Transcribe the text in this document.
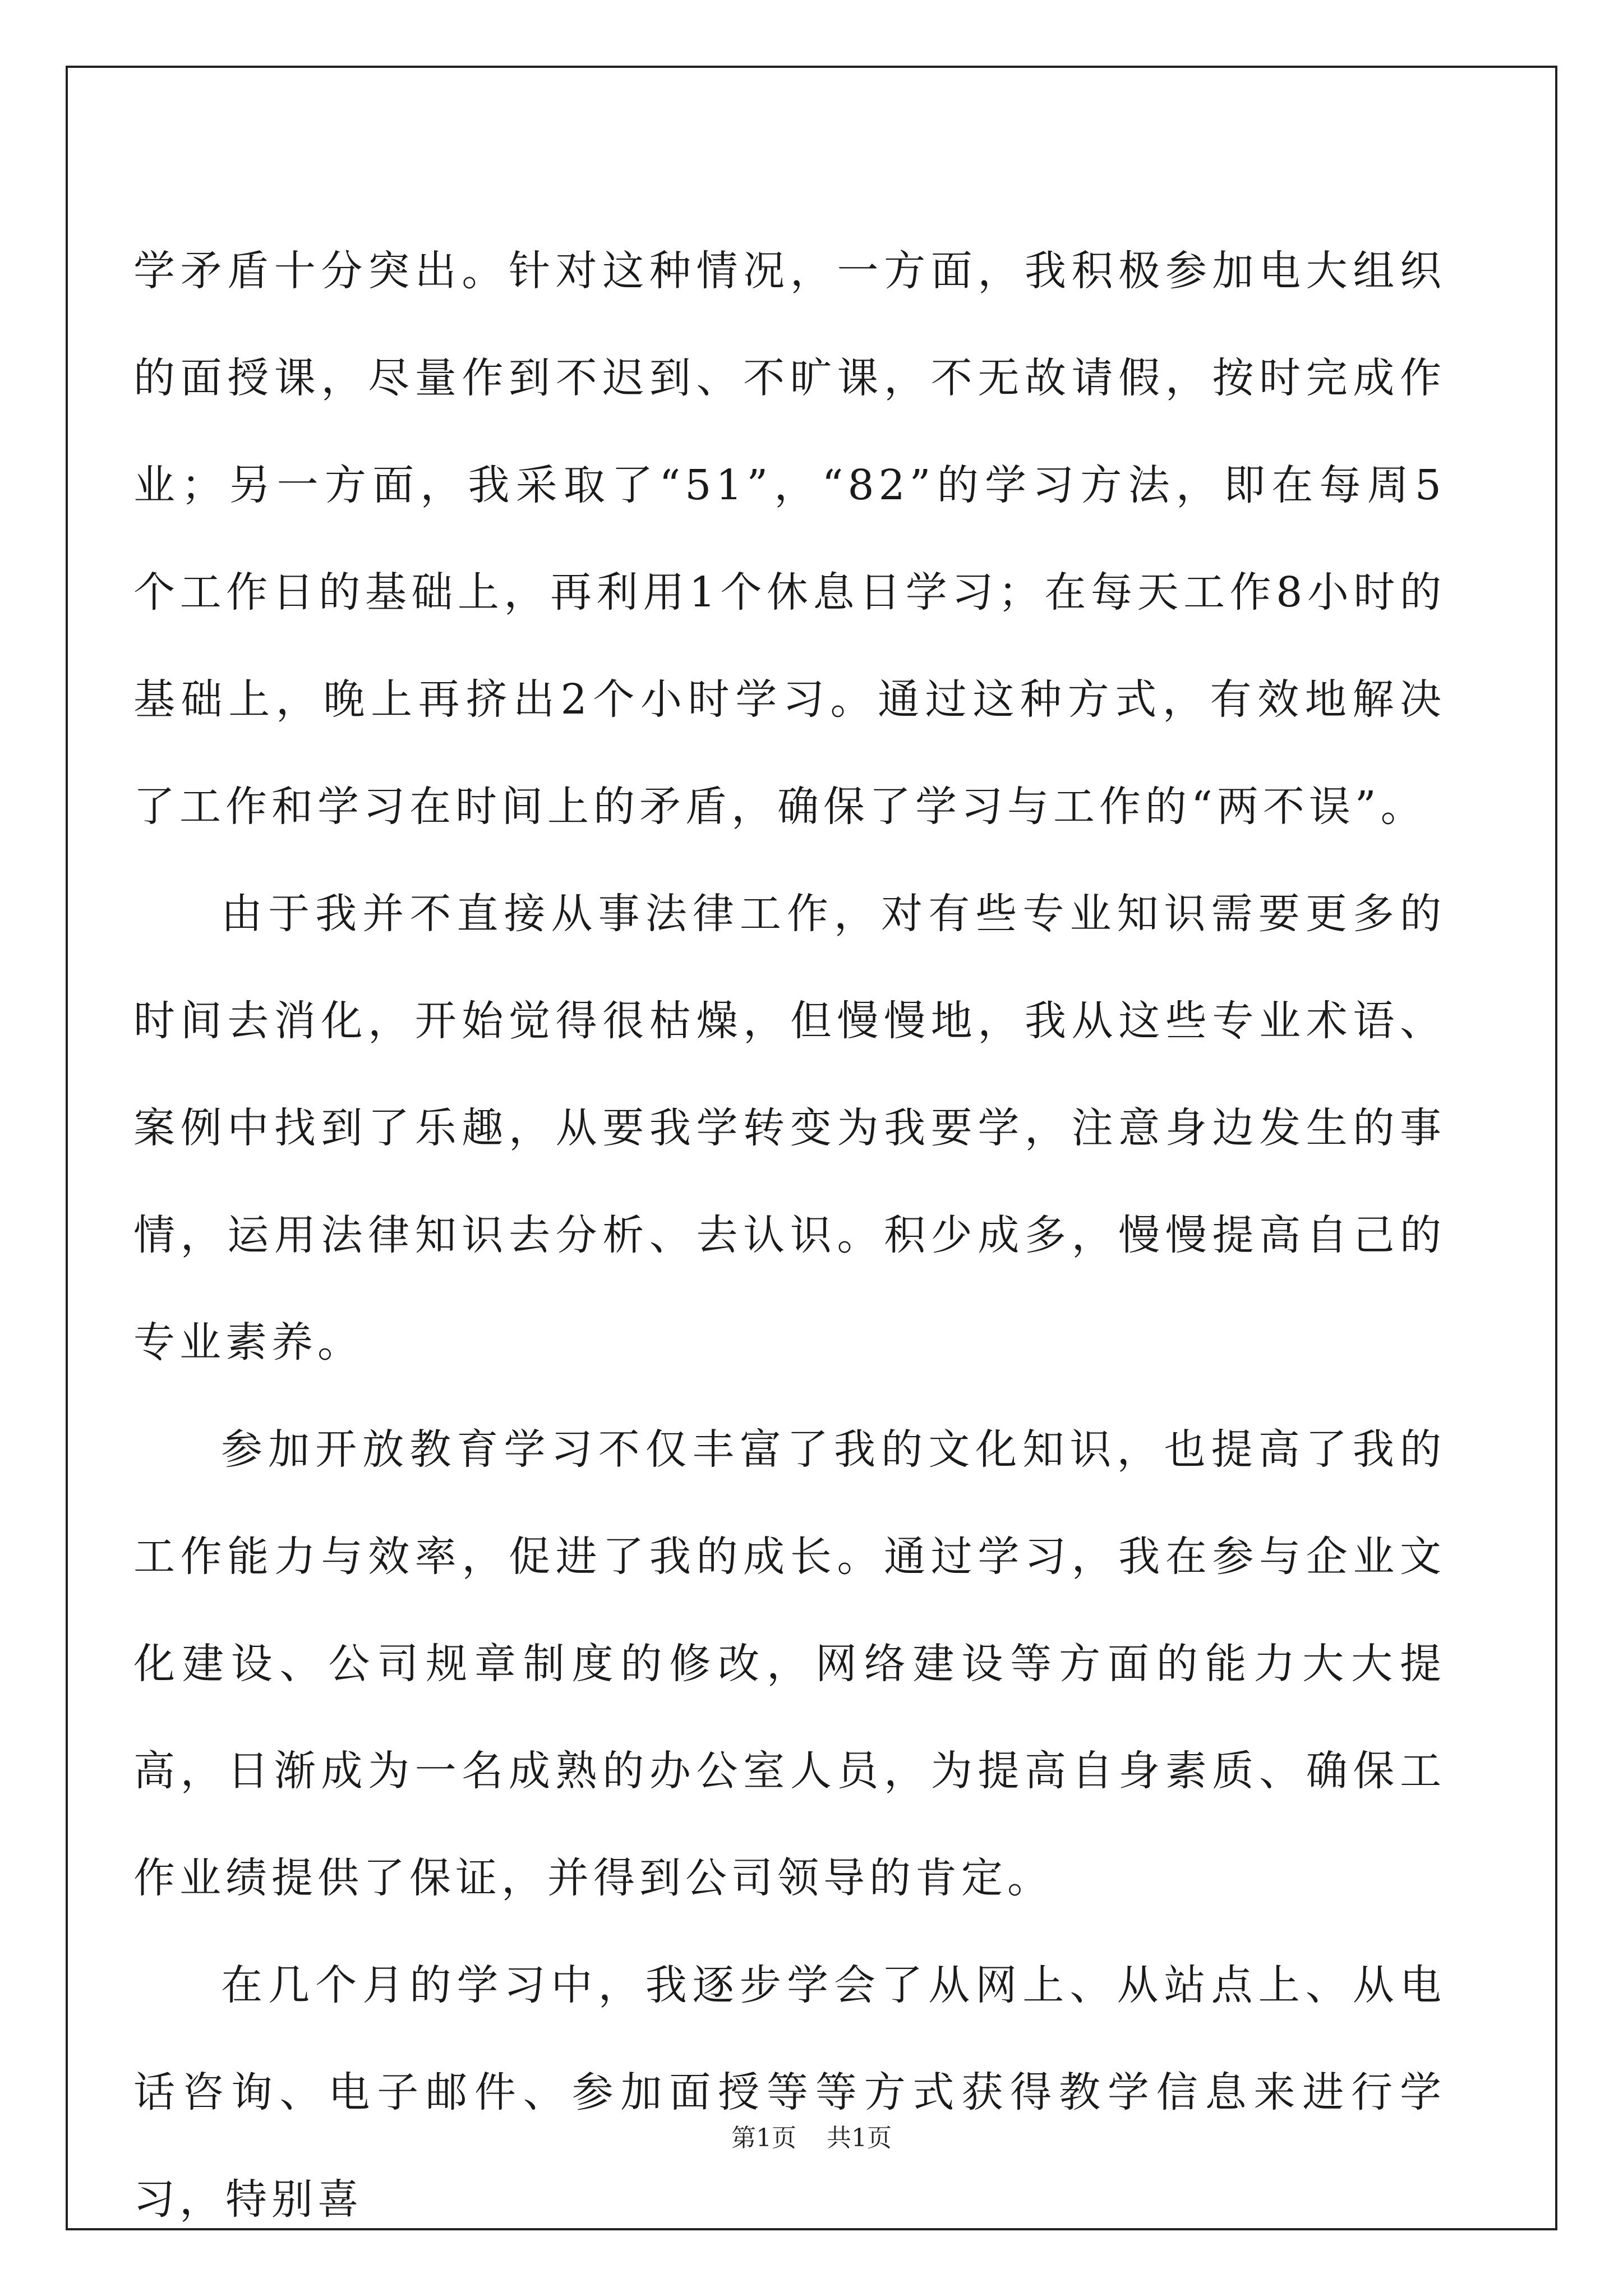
学矛盾十分突出。针对这种情况，一方面，我积极参加电大组织的面授课，尽量作到不迟到、不旷课，不无故请假，按时完成作业；另一方面，我采取了“51”，“82”的学习方法，即在每周5个工作日的基础上，再利用1个休息日学习；在每天工作8小时的基础上，晚上再挤出2个小时学习。通过这种方式，有效地解决了工作和学习在时间上的矛盾，确保了学习与工作的“两不误”。

由于我并不直接从事法律工作，对有些专业知识需要更多的时间去消化，开始觉得很枯燥，但慢慢地，我从这些专业术语、案例中找到了乐趣，从要我学转变为我要学，注意身边发生的事情，运用法律知识去分析、去认识。积少成多，慢慢提高自己的专业素养。

参加开放教育学习不仅丰富了我的文化知识，也提高了我的工作能力与效率，促进了我的成长。通过学习，我在参与企业文化建设、公司规章制度的修改，网络建设等方面的能力大大提高，日渐成为一名成熟的办公室人员，为提高自身素质、确保工作业绩提供了保证，并得到公司领导的肯定。

在几个月的学习中，我逐步学会了从网上、从站点上、从电话咨询、电子邮件、参加面授等等方式获得教学信息来进行学习，特别喜

第1页 共1页
